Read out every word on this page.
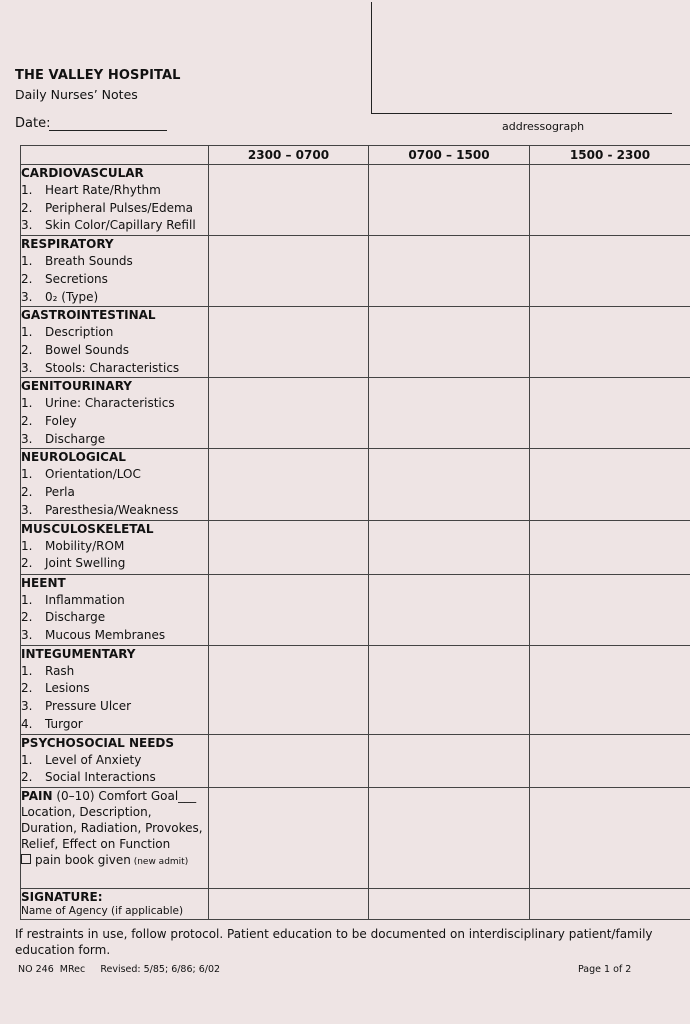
THE VALLEY HOSPITAL
Daily Nurses’ Notes
Date:	addressograph
	2300 – 0700	0700 – 1500	1500 - 2300

CARDIOVASCULAR
1. Heart Rate/Rhythm
2. Peripheral Pulses/Edema
3. Skin Color/Capillary Refill			

RESPIRATORY
1. Breath Sounds
2. Secretions
3. 0₂ (Type)			

GASTROINTESTINAL
1. Description
2. Bowel Sounds
3. Stools: Characteristics			

GENITOURINARY
1. Urine: Characteristics
2. Foley
3. Discharge			

NEUROLOGICAL
1. Orientation/LOC
2. Perla
3. Paresthesia/Weakness			

MUSCULOSKELETAL
1. Mobility/ROM
2. Joint Swelling			

HEENT
1. Inflammation
2. Discharge
3. Mucous Membranes			

INTEGUMENTARY
1. Rash
2. Lesions
3. Pressure Ulcer
4. Turgor			

PSYCHOSOCIAL NEEDS
1. Level of Anxiety
2. Social Interactions			

PAIN (0–10) Comfort Goal___
Location, Description, Duration, Radiation, Provokes, Relief, Effect on Function
pain book given (new admit)			

SIGNATURE:
Name of Agency (if applicable)			

If restraints in use, follow protocol. Patient education to be documented on interdisciplinary patient/family education form.
NO 246  MRec     Revised: 5/85; 6/86; 6/02	Page 1 of 2
